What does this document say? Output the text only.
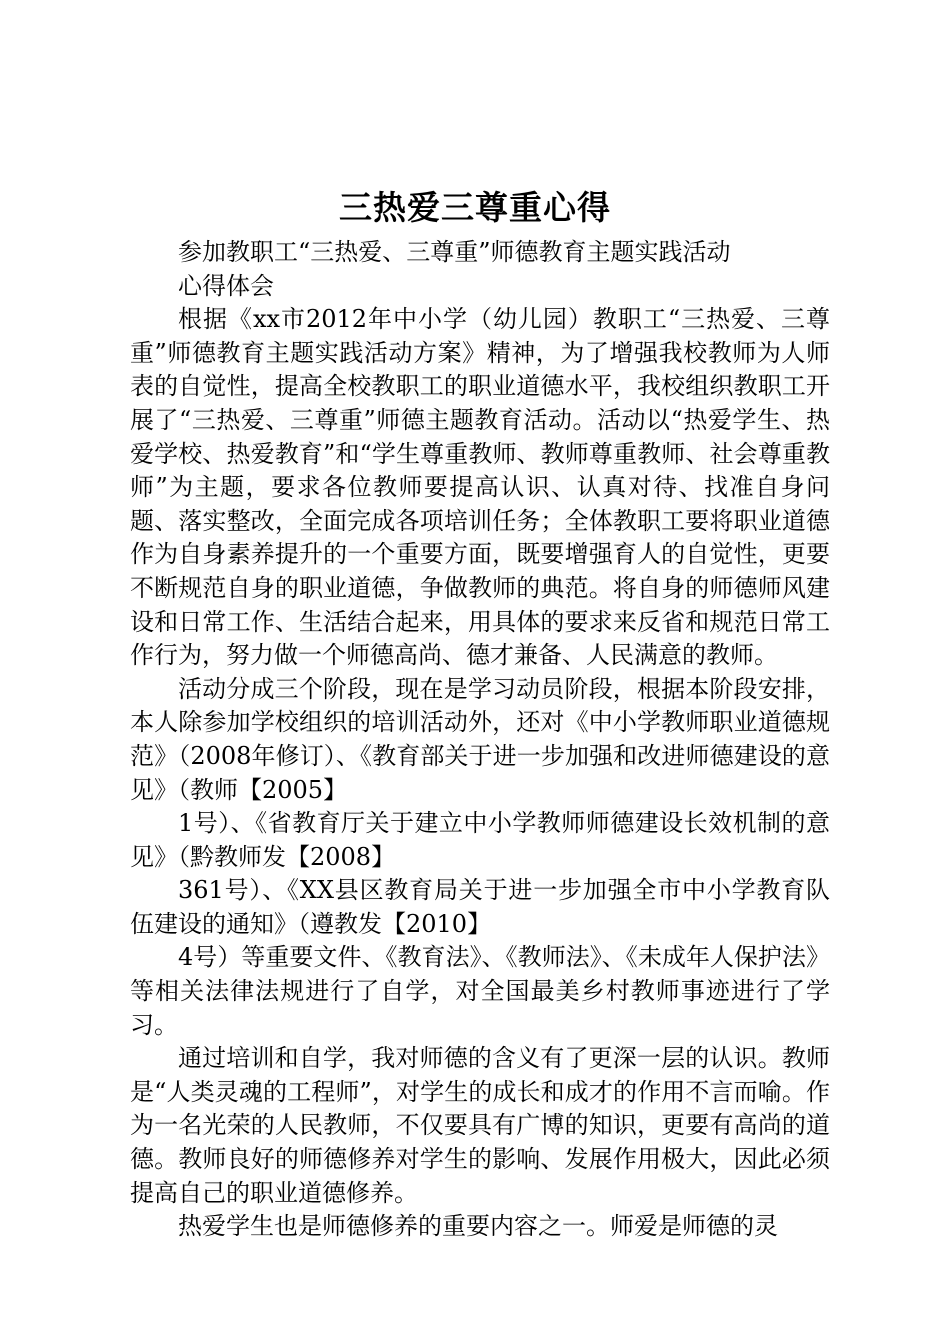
三热爱三尊重心得

参加教职工“三热爱、三尊重”师德教育主题实践活动

心得体会

根据《xx市2012年中小学（幼儿园）教职工“三热爱、三尊重”师德教育主题实践活动方案》精神，为了增强我校教师为人师表的自觉性，提高全校教职工的职业道德水平，我校组织教职工开展了“三热爱、三尊重”师德主题教育活动。活动以“热爱学生、热爱学校、热爱教育”和“学生尊重教师、教师尊重教师、社会尊重教师”为主题，要求各位教师要提高认识、认真对待、找准自身问题、落实整改，全面完成各项培训任务；全体教职工要将职业道德作为自身素养提升的一个重要方面，既要增强育人的自觉性，更要不断规范自身的职业道德，争做教师的典范。将自身的师德师风建设和日常工作、生活结合起来，用具体的要求来反省和规范日常工作行为，努力做一个师德高尚、德才兼备、人民满意的教师。

活动分成三个阶段，现在是学习动员阶段，根据本阶段安排，本人除参加学校组织的培训活动外，还对《中小学教师职业道德规范》（2008年修订）、《教育部关于进一步加强和改进师德建设的意见》（教师【2005】

1号）、《省教育厅关于建立中小学教师师德建设长效机制的意见》（黔教师发【2008】

361号）、《XX县区教育局关于进一步加强全市中小学教育队伍建设的通知》（遵教发【2010】

4号）等重要文件、《教育法》、《教师法》、《未成年人保护法》等相关法律法规进行了自学，对全国最美乡村教师事迹进行了学习。

通过培训和自学，我对师德的含义有了更深一层的认识。教师是“人类灵魂的工程师”，对学生的成长和成才的作用不言而喻。作为一名光荣的人民教师，不仅要具有广博的知识，更要有高尚的道德。教师良好的师德修养对学生的影响、发展作用极大，因此必须提高自己的职业道德修养。

热爱学生也是师德修养的重要内容之一。师爱是师德的灵
